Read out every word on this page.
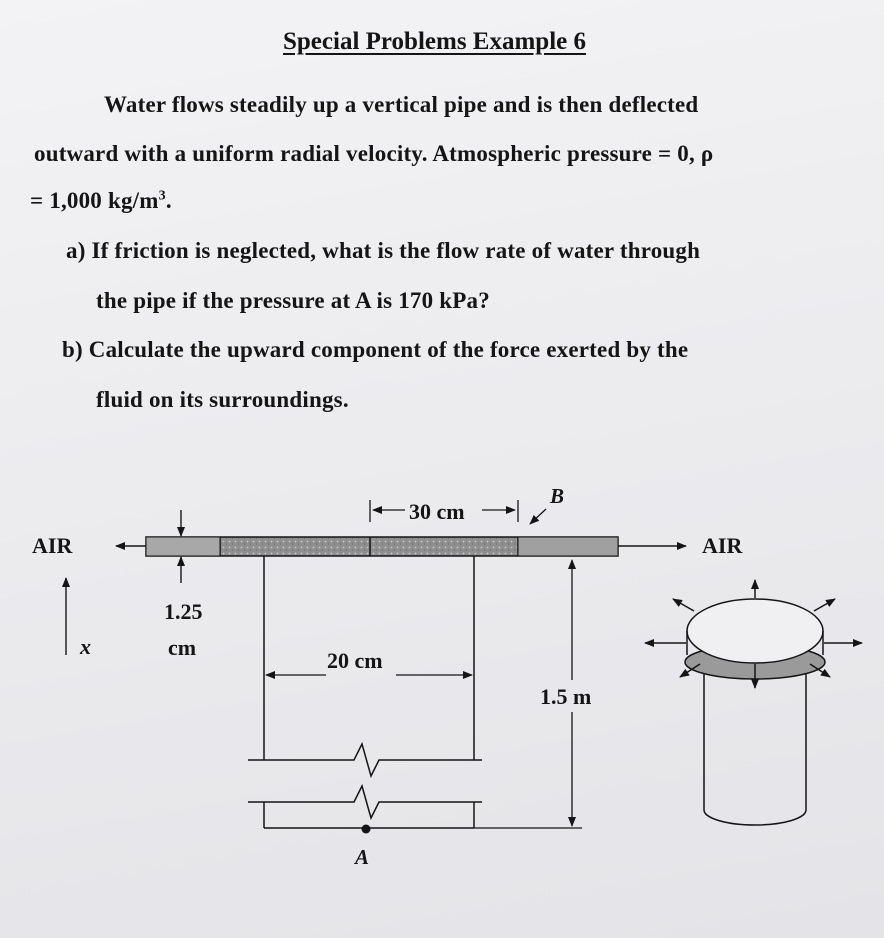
Special Problems Example 6

Water flows steadily up a vertical pipe and is then deflected

outward with a uniform radial velocity. Atmospheric pressure = 0, ρ

= 1,000 $kg/m^3$.

a) If friction is neglected, what is the flow rate of water through

the pipe if the pressure at A is 170 kPa?

b) Calculate the upward component of the force exerted by the

fluid on its surroundings.

AIR	AIR
1.25
cm
x
30 cm
B
20 cm
1.5 m
A
